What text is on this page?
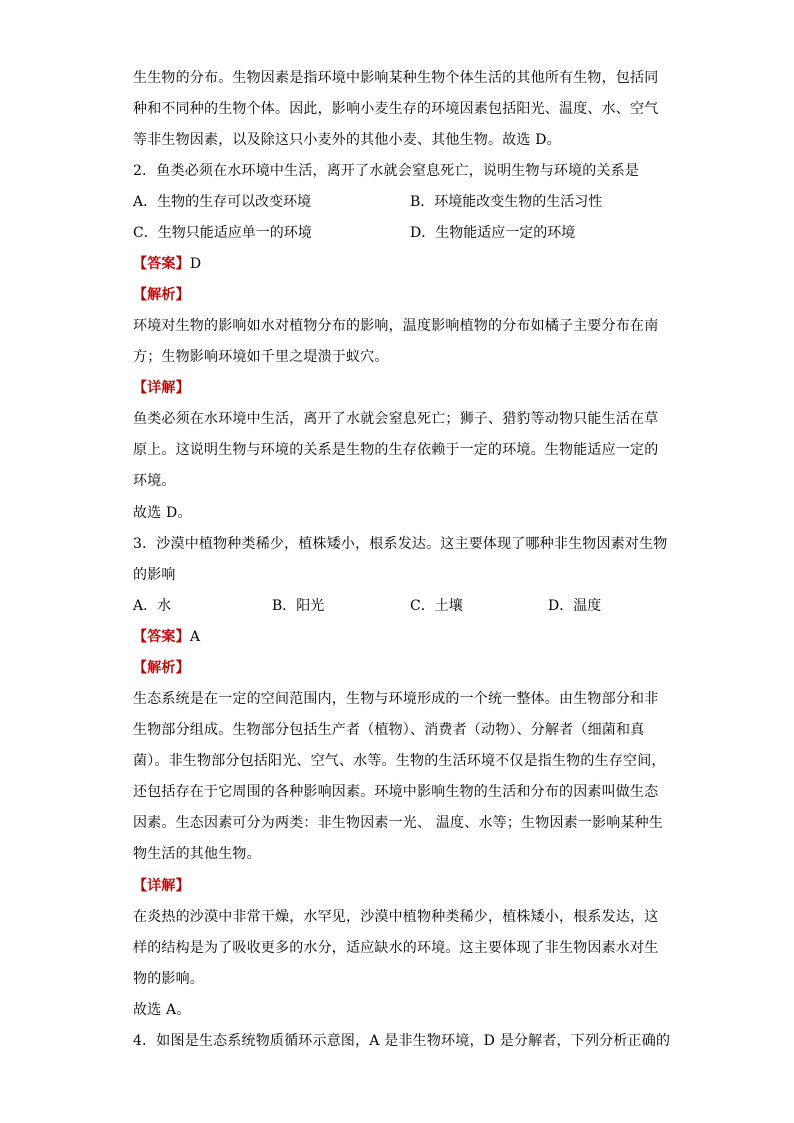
生生物的分布。生物因素是指环境中影响某种生物个体生活的其他所有生物，包括同
种和不同种的生物个体。因此，影响小麦生存的环境因素包括阳光、温度、水、空气
等非生物因素，以及除这只小麦外的其他小麦、其他生物。故选 D。
2．鱼类必须在水环境中生活，离开了水就会窒息死亡，说明生物与环境的关系是
A．生物的生存可以改变环境	B．环境能改变生物的生活习性
C．生物只能适应单一的环境	D．生物能适应一定的环境
【答案】D
【解析】
环境对生物的影响如水对植物分布的影响，温度影响植物的分布如橘子主要分布在南
方；生物影响环境如千里之堤溃于蚁穴。
【详解】
鱼类必须在水环境中生活，离开了水就会窒息死亡；狮子、猎豹等动物只能生活在草
原上。这说明生物与环境的关系是生物的生存依赖于一定的环境。生物能适应一定的
环境。
故选 D。
3．沙漠中植物种类稀少，植株矮小，根系发达。这主要体现了哪种非生物因素对生物
的影响
A．水	B．阳光	C．土壤	D．温度
【答案】A
【解析】
生态系统是在一定的空间范围内，生物与环境形成的一个统一整体。由生物部分和非
生物部分组成。生物部分包括生产者（植物）、消费者（动物）、分解者（细菌和真
菌）。非生物部分包括阳光、空气、水等。生物的生活环境不仅是指生物的生存空间，
还包括存在于它周围的各种影响因素。环境中影响生物的生活和分布的因素叫做生态
因素。生态因素可分为两类：非生物因素一光、 温度、水等；生物因素一影响某种生
物生活的其他生物。
【详解】
在炎热的沙漠中非常干燥，水罕见，沙漠中植物种类稀少，植株矮小，根系发达，这
样的结构是为了吸收更多的水分，适应缺水的环境。这主要体现了非生物因素水对生
物的影响。
故选 A。
4．如图是生态系统物质循环示意图，A 是非生物环境，D 是分解者，下列分析正确的
